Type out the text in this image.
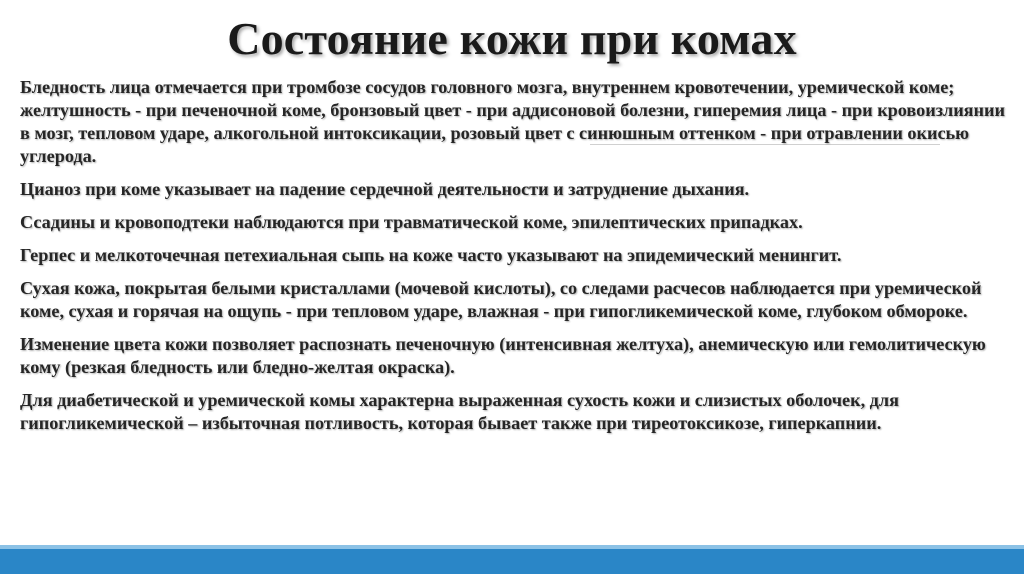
Состояние кожи при комах

Бледность лица отмечается при тромбозе сосудов головного мозга, внутреннем кровотечении, уремической коме; желтушность - при печеночной коме, бронзовый цвет - при аддисоновой болезни, гиперемия лица - при кровоизлиянии в мозг, тепловом ударе, алкогольной интоксикации, розовый цвет с синюшным оттенком - при отравлении окисью углерода.

Цианоз при коме указывает на падение сердечной деятельности и затруднение дыхания.

Ссадины и кровоподтеки наблюдаются при травматической коме, эпилептических припадках.

Герпес и мелкоточечная петехиальная сыпь на коже часто указывают на эпидемический менингит.

Сухая кожа, покрытая белыми кристаллами (мочевой кислоты), со следами расчесов наблюдается при уремической коме, сухая и горячая на ощупь - при тепловом ударе, влажная - при гипогликемической коме, глубоком обмороке.

Изменение цвета кожи позволяет распознать печеночную (интенсивная желтуха), анемическую или гемолитическую кому (резкая бледность или бледно-желтая окраска).

Для диабетической и уремической комы характерна выраженная сухость кожи и слизистых оболочек, для гипогликемической – избыточная потливость, которая бывает также при тиреотоксикозе, гиперкапнии.
